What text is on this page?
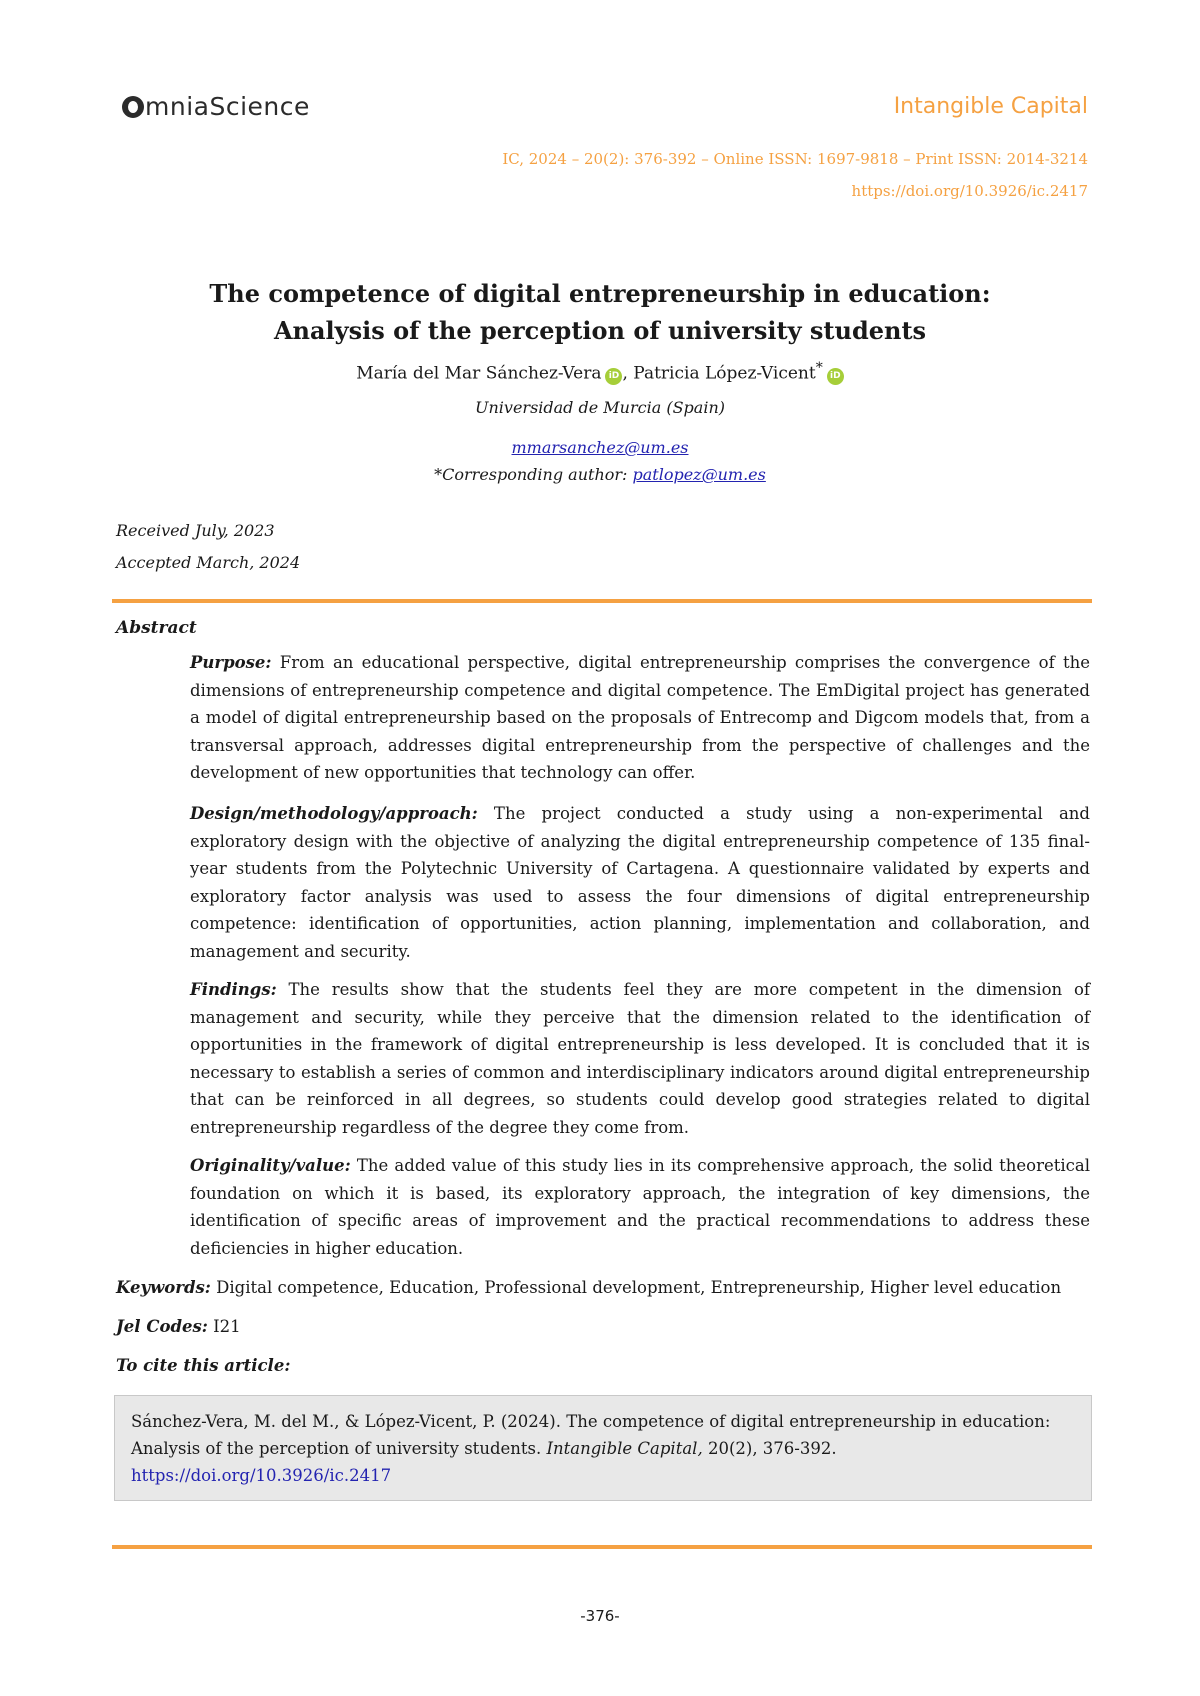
mniaScience	Intangible Capital
IC, 2024 – 20(2): 376-392 – Online ISSN: 1697-9818 – Print ISSN: 2014-3214
https://doi.org/10.3926/ic.2417
The competence of digital entrepreneurship in education:
Analysis of the perception of university students
María del Mar Sánchez-Vera iD , Patricia López-Vicent* iD
Universidad de Murcia (Spain)
mmarsanchez@um.es
*Corresponding author: patlopez@um.es
Received July, 2023
Accepted March, 2024
Abstract
Purpose: From an educational perspective, digital entrepreneurship comprises the convergence of the dimensions of entrepreneurship competence and digital competence. The EmDigital project has generated a model of digital entrepreneurship based on the proposals of Entrecomp and Digcom models that, from a transversal approach, addresses digital entrepreneurship from the perspective of challenges and the development of new opportunities that technology can offer.
Design/methodology/approach: The project conducted a study using a non-experimental and exploratory design with the objective of analyzing the digital entrepreneurship competence of 135 final-year students from the Polytechnic University of Cartagena. A questionnaire validated by experts and exploratory factor analysis was used to assess the four dimensions of digital entrepreneurship competence: identification of opportunities, action planning, implementation and collaboration, and management and security.
Findings: The results show that the students feel they are more competent in the dimension of management and security, while they perceive that the dimension related to the identification of opportunities in the framework of digital entrepreneurship is less developed. It is concluded that it is necessary to establish a series of common and interdisciplinary indicators around digital entrepreneurship that can be reinforced in all degrees, so students could develop good strategies related to digital entrepreneurship regardless of the degree they come from.
Originality/value: The added value of this study lies in its comprehensive approach, the solid theoretical foundation on which it is based, its exploratory approach, the integration of key dimensions, the identification of specific areas of improvement and the practical recommendations to address these deficiencies in higher education.
Keywords: Digital competence, Education, Professional development, Entrepreneurship, Higher level education
Jel Codes: I21
To cite this article:
Sánchez-Vera, M. del M., & López-Vicent, P. (2024). The competence of digital entrepreneurship in education: Analysis of the perception of university students. Intangible Capital, 20(2), 376-392.
https://doi.org/10.3926/ic.2417
-376-
